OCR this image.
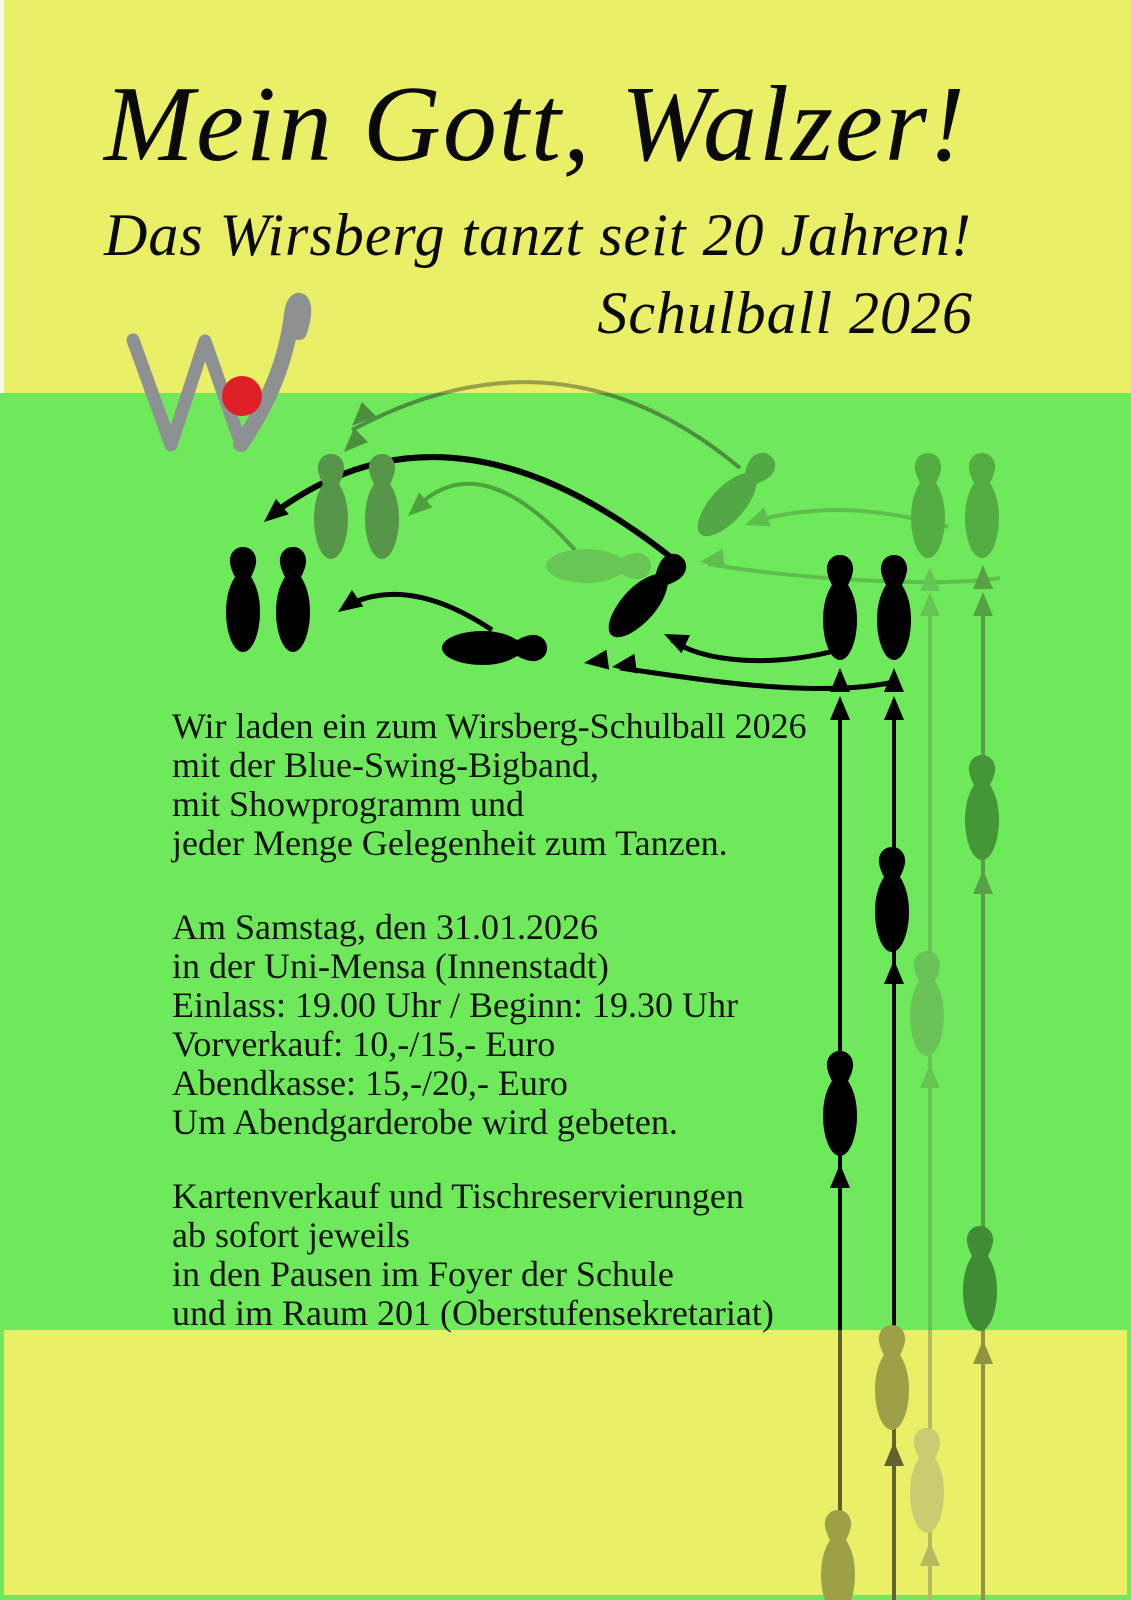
Mein Gott, Walzer!
Das Wirsberg tanzt seit 20 Jahren!
Schulball 2026
Wir laden ein zum Wirsberg-Schulball 2026
mit der Blue-Swing-Bigband,
mit Showprogramm und
jeder Menge Gelegenheit zum Tanzen.
Am Samstag, den 31.01.2026
in der Uni-Mensa (Innenstadt)
Einlass: 19.00 Uhr / Beginn: 19.30 Uhr
Vorverkauf: 10,-/15,- Euro
Abendkasse: 15,-/20,- Euro
Um Abendgarderobe wird gebeten.
Kartenverkauf und Tischreservierungen
ab sofort jeweils
in den Pausen im Foyer der Schule
und im Raum 201 (Oberstufensekretariat)
